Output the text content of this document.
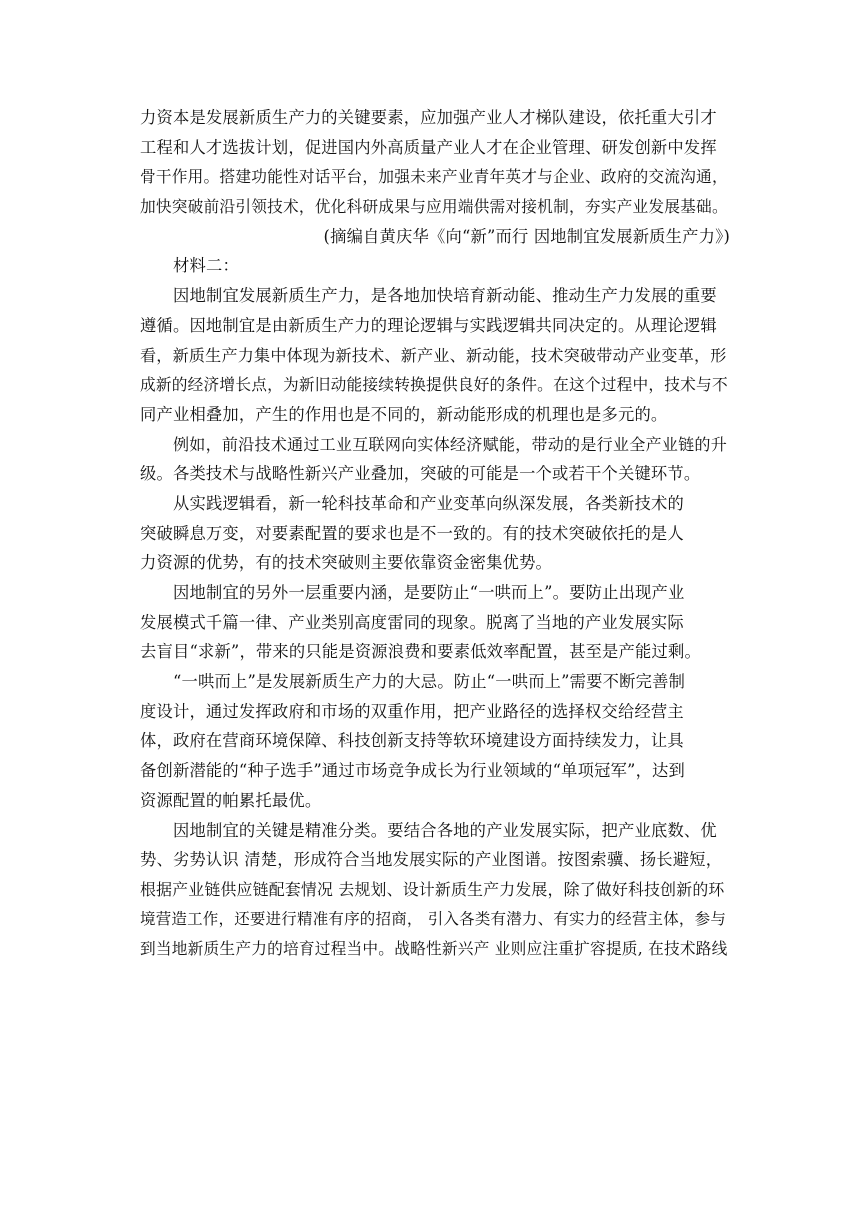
力资本是发展新质生产力的关键要素，应加强产业人才梯队建设，依托重大引才
工程和人才选拔计划，促进国内外高质量产业人才在企业管理、研发创新中发挥
骨干作用。搭建功能性对话平台，加强未来产业青年英才与企业、政府的交流沟通，
加快突破前沿引领技术，优化科研成果与应用端供需对接机制，夯实产业发展基础。
(摘编自黄庆华《向“新”而行 因地制宜发展新质生产力》)
材料二：
因地制宜发展新质生产力，是各地加快培育新动能、推动生产力发展的重要
遵循。因地制宜是由新质生产力的理论逻辑与实践逻辑共同决定的。从理论逻辑
看，新质生产力集中体现为新技术、新产业、新动能，技术突破带动产业变革，形
成新的经济增长点，为新旧动能接续转换提供良好的条件。在这个过程中，技术与不
同产业相叠加，产生的作用也是不同的，新动能形成的机理也是多元的。
例如，前沿技术通过工业互联网向实体经济赋能，带动的是行业全产业链的升
级。各类技术与战略性新兴产业叠加，突破的可能是一个或若干个关键环节。
从实践逻辑看，新一轮科技革命和产业变革向纵深发展，各类新技术的
突破瞬息万变，对要素配置的要求也是不一致的。有的技术突破依托的是人
力资源的优势，有的技术突破则主要依靠资金密集优势。
因地制宜的另外一层重要内涵，是要防止“一哄而上”。要防止出现产业
发展模式千篇一律、产业类别高度雷同的现象。脱离了当地的产业发展实际
去盲目“求新”，带来的只能是资源浪费和要素低效率配置，甚至是产能过剩。
“一哄而上”是发展新质生产力的大忌。防止“一哄而上”需要不断完善制
度设计，通过发挥政府和市场的双重作用，把产业路径的选择权交给经营主
体，政府在营商环境保障、科技创新支持等软环境建设方面持续发力，让具
备创新潜能的“种子选手”通过市场竞争成长为行业领域的“单项冠军”，达到
资源配置的帕累托最优。
因地制宜的关键是精准分类。要结合各地的产业发展实际，把产业底数、优
势、劣势认识 清楚，形成符合当地发展实际的产业图谱。按图索骥、扬长避短，
根据产业链供应链配套情况 去规划、设计新质生产力发展，除了做好科技创新的环
境营造工作，还要进行精准有序的招商， 引入各类有潜力、有实力的经营主体，参与
到当地新质生产力的培育过程当中。战略性新兴产 业则应注重扩容提质, 在技术路线
